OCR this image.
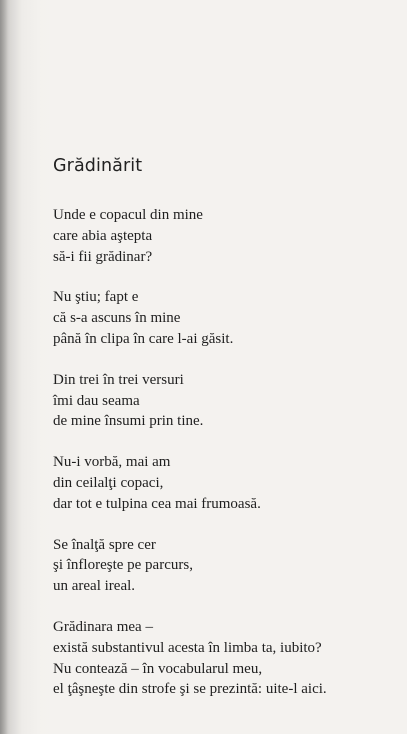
Grădinărit
Unde e copacul din mine
care abia aştepta
să-i fii grădinar?
Nu ştiu; fapt e
că s-a ascuns în mine
până în clipa în care l-ai găsit.
Din trei în trei versuri
îmi dau seama
de mine însumi prin tine.
Nu-i vorbă, mai am
din ceilalţi copaci,
dar tot e tulpina cea mai frumoasă.
Se înalţă spre cer
şi înfloreşte pe parcurs,
un areal ireal.
Grădinara mea –
există substantivul acesta în limba ta, iubito?
Nu contează – în vocabularul meu,
el ţâşneşte din strofe şi se prezintă: uite-l aici.
